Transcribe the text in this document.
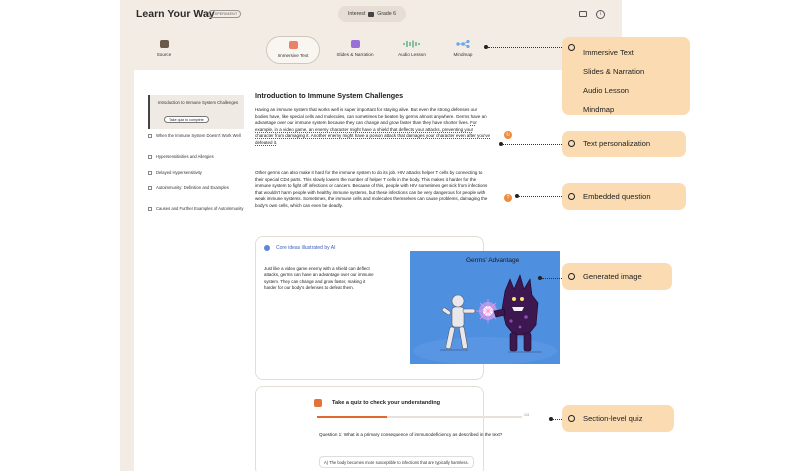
Learn Your Way
EXPERIMENT	Interest Grade 6	i
Source	Immersive Text	Slides & Narration	Audio Lesson	Mindmap
Introduction to Immune System Challenges
Take quiz to complete
When the Immune System Doesn't Work Well
Hypersensitivities and Allergies
Delayed Hypersensitivity
Autoimmunity: Definition and Examples
Causes and Further Examples of Autoimmunity
Introduction to Immune System Challenges
Having an immune system that works well is super important for staying alive. But even the strong defenses our bodies have, like special cells and molecules, can sometimes be beaten by germs almost anywhere. Germs have an advantage over our immune system because they can change and grow faster than they have shorter lives. For example, in a video game, an enemy character might have a shield that deflects your attacks, preventing your character from damaging it. Another enemy might have a poison attack that damages your character even after you've defeated it.
Other germs can also make it hard for the immune system to do its job. HIV attacks helper T cells by connecting to their special CD4 parts. This slowly lowers the number of helper T cells in the body. This makes it harder for the immune system to fight off infections or cancers. Because of this, people with HIV sometimes get sick from infections that wouldn't harm people with healthy immune systems, but these infections can be very dangerous for people with weak immune systems. Sometimes, the immune cells and molecules themselves can cause problems, damaging the body's own cells, which can even be deadly.
Core ideas illustrated by AI
Just like a video game enemy with a shield can deflect attacks, germs can have an advantage over our immune system. They can change and grow faster, making it harder for our body's defenses to defeat them.
Germs' Advantage
Take a quiz to check your understanding
1/3
Question 1: What is a primary consequence of immunodeficiency as described in the text?
A) The body becomes more susceptible to infections that are typically harmless.
↻
?
Immersive Text
Slides & Narration
Audio Lesson
Mindmap
Text personalization
Embedded question
Generated image
Section-level quiz
